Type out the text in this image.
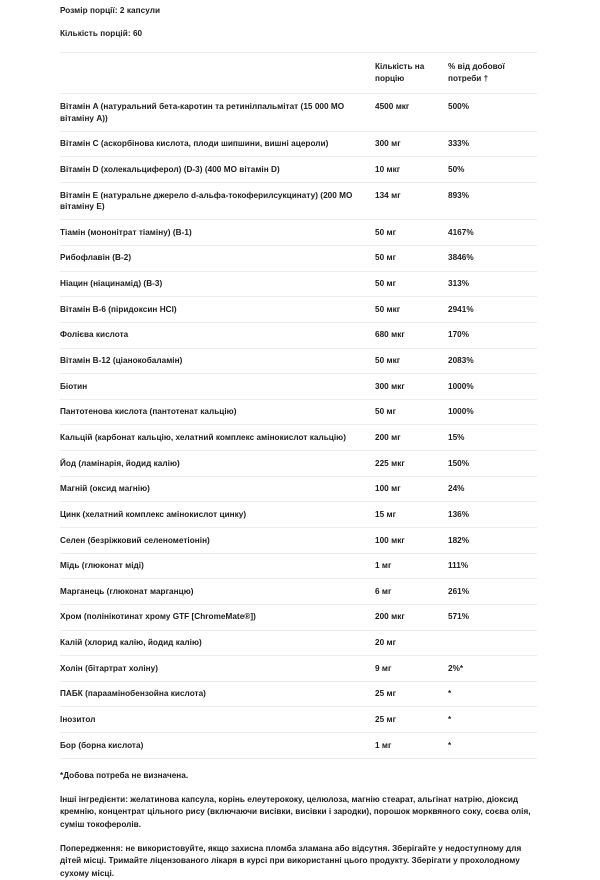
Розмір порції: 2 капсули
Кількість порцій: 60
	Кількість на порцію	% від добової потреби †
Вітамін A (натуральний бета-каротин та ретинілпальмітат (15 000 МО вітаміну A))	4500 мкг	500%
Вітамін C (аскорбінова кислота, плоди шипшини, вишні ацероли)	300 мг	333%
Вітамін D (холекальциферол) (D-3) (400 МО вітамін D)	10 мкг	50%
Вітамін E (натуральне джерело d-альфа-токоферилсукцинату) (200 МО вітаміну E)	134 мг	893%
Тіамін (мононітрат тіаміну) (B-1)	50 мг	4167%
Рибофлавін (B-2)	50 мг	3846%
Ніацин (ніацинамід) (B-3)	50 мг	313%
Вітамін B-6 (піридоксин HCl)	50 мкг	2941%
Фолієва кислота	680 мкг	170%
Вітамін B-12 (ціанокобаламін)	50 мкг	2083%
Біотин	300 мкг	1000%
Пантотенова кислота (пантотенат кальцію)	50 мг	1000%
Кальцій (карбонат кальцію, хелатний комплекс амінокислот кальцію)	200 мг	15%
Йод (ламінарія, йодид калію)	225 мкг	150%
Магній (оксид магнію)	100 мг	24%
Цинк (хелатний комплекс амінокислот цинку)	15 мг	136%
Селен (безріжковий селенометіонін)	100 мкг	182%
Мідь (глюконат міді)	1 мг	111%
Марганець (глюконат марганцю)	6 мг	261%
Хром (полінікотинат хрому GTF [ChromeMate®])	200 мкг	571%
Калій (хлорид калію, йодид калію)	20 мг	
Холін (бітартрат холіну)	9 мг	2%*
ПАБК (параамінобензойна кислота)	25 мг	*
Інозитол	25 мг	*
Бор (борна кислота)	1 мг	*
*Добова потреба не визначена.
Інші інгредієнти: желатинова капсула, корінь елеутерококу, целюлоза, магнію стеарат, альгінат натрію, діоксид кремнію, концентрат цільного рису (включаючи висівки, висівки і зародки), порошок морквяного соку, соєва олія, суміш токоферолів.
Попередження: не використовуйте, якщо захисна пломба зламана або відсутня. Зберігайте у недоступному для дітей місці. Тримайте ліцензованого лікаря в курсі при використанні цього продукту. Зберігати у прохолодному сухому місці.
